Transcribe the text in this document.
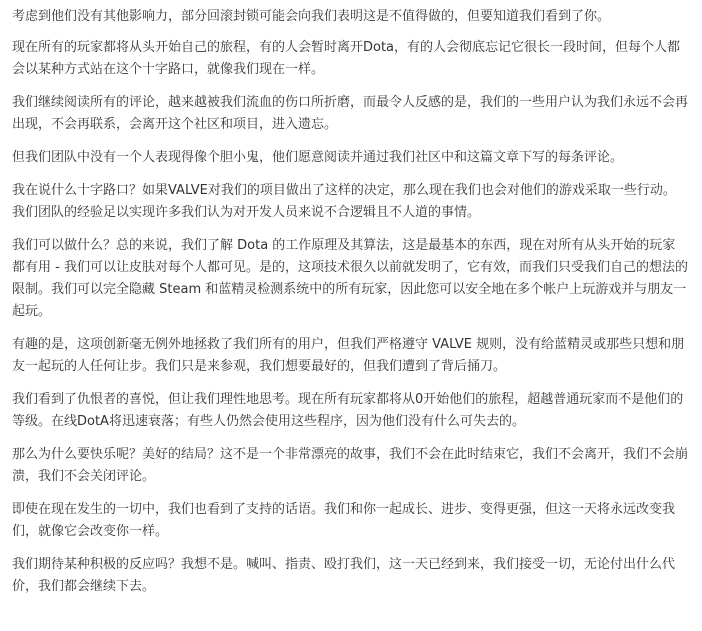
考虑到他们没有其他影响力，部分回滚封锁可能会向我们表明这是不值得做的，但要知道我们看到了你。

现在所有的玩家都将从头开始自己的旅程，有的人会暂时离开Dota，有的人会彻底忘记它很长一段时间，但每个人都会以某种方式站在这个十字路口，就像我们现在一样。

我们继续阅读所有的评论，越来越被我们流血的伤口所折磨，而最令人反感的是，我们的一些用户认为我们永远不会再出现，不会再联系，会离开这个社区和项目，进入遗忘。

但我们团队中没有一个人表现得像个胆小鬼，他们愿意阅读并通过我们社区中和这篇文章下写的每条评论。

我在说什么十字路口？如果VALVE对我们的项目做出了这样的决定，那么现在我们也会对他们的游戏采取一些行动。我们团队的经验足以实现许多我们认为对开发人员来说不合逻辑且不人道的事情。

我们可以做什么？总的来说，我们了解 Dota 的工作原理及其算法，这是最基本的东西，现在对所有从头开始的玩家都有用 - 我们可以让皮肤对每个人都可见。是的，这项技术很久以前就发明了，它有效，而我们只受我们自己的想法的限制。我们可以完全隐藏 Steam 和蓝精灵检测系统中的所有玩家，因此您可以安全地在多个帐户上玩游戏并与朋友一起玩。

有趣的是，这项创新毫无例外地拯救了我们所有的用户，但我们严格遵守 VALVE 规则，没有给蓝精灵或那些只想和朋友一起玩的人任何让步。我们只是来参观，我们想要最好的，但我们遭到了背后捅刀。

我们看到了仇恨者的喜悦，但让我们理性地思考。现在所有玩家都将从0开始他们的旅程，超越普通玩家而不是他们的等级。在线DotA将迅速衰落；有些人仍然会使用这些程序，因为他们没有什么可失去的。

那么为什么要快乐呢？美好的结局？这不是一个非常漂亮的故事，我们不会在此时结束它，我们不会离开，我们不会崩溃，我们不会关闭评论。

即使在现在发生的一切中，我们也看到了支持的话语。我们和你一起成长、进步、变得更强，但这一天将永远改变我们，就像它会改变你一样。

我们期待某种积极的反应吗？我想不是。喊叫、指责、殴打我们，这一天已经到来，我们接受一切，无论付出什么代价，我们都会继续下去。
